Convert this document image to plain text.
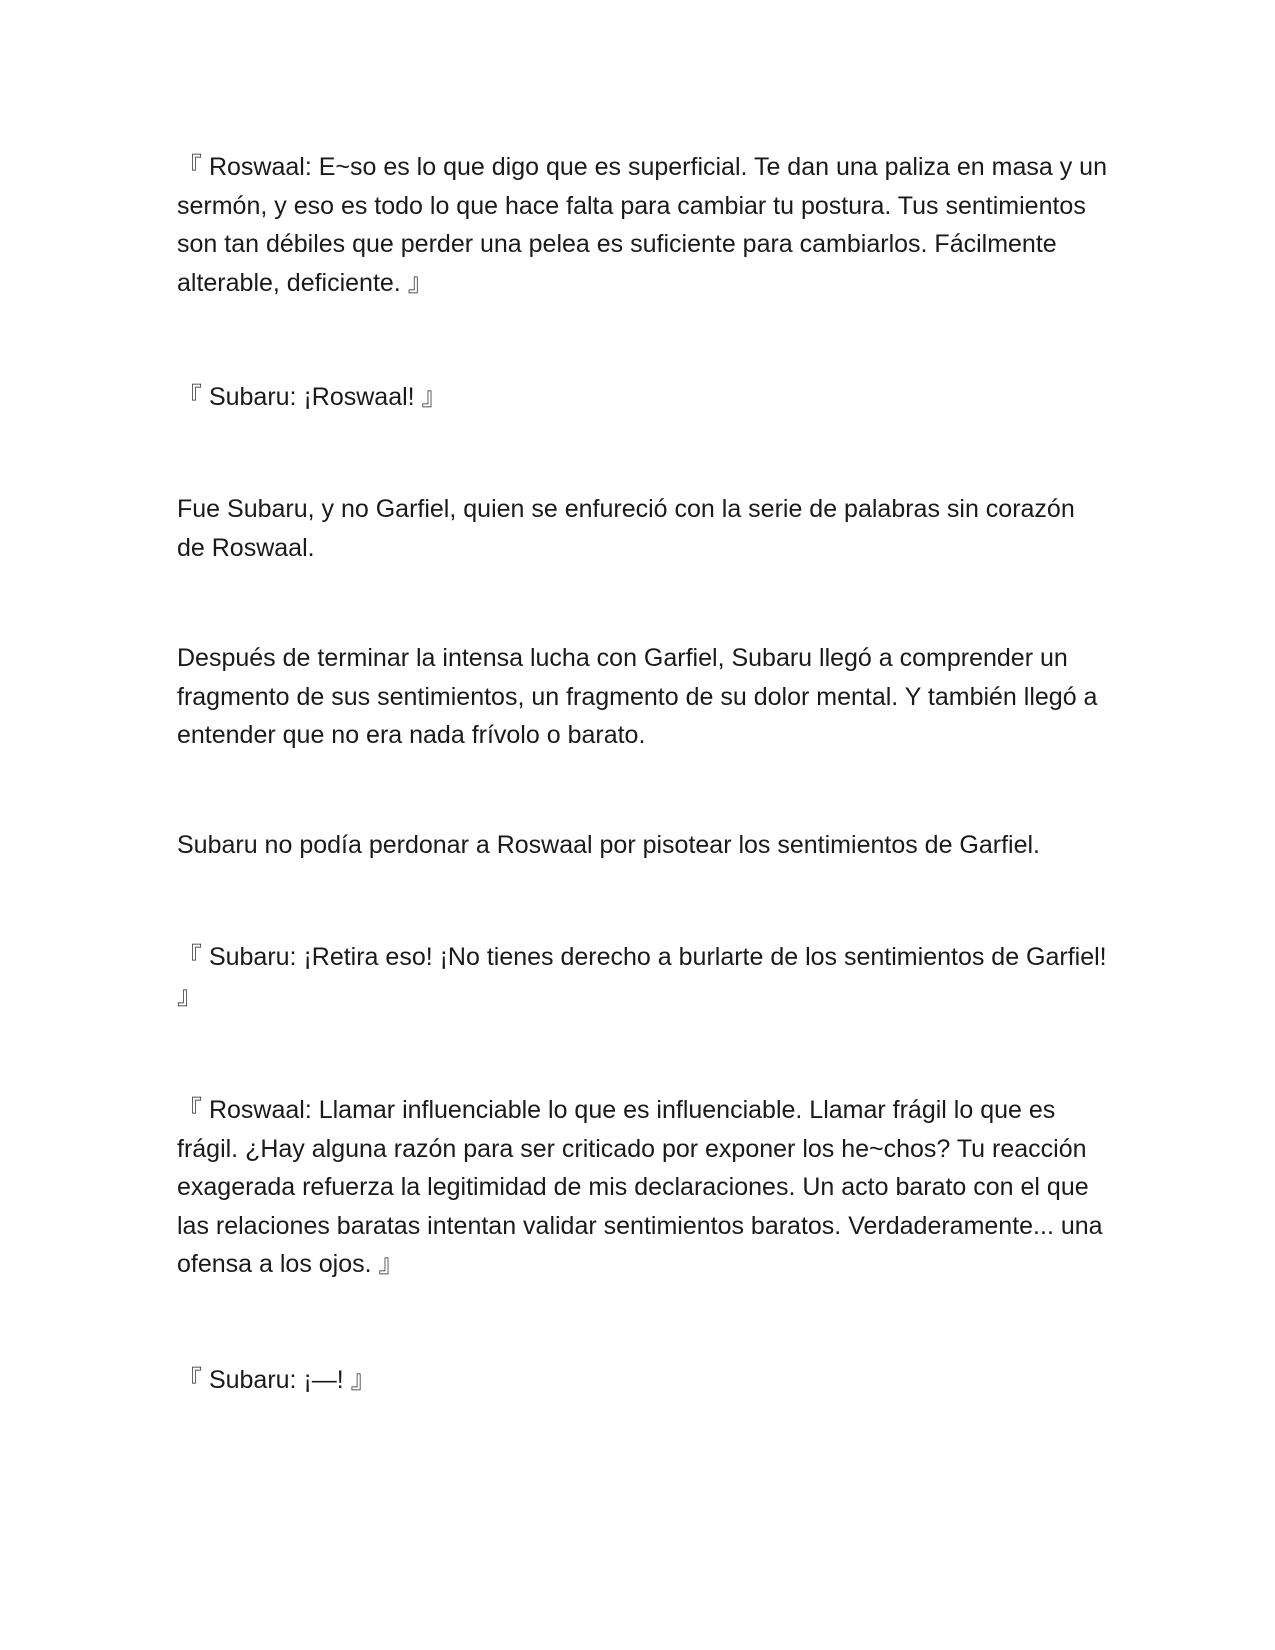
『 Roswaal: E~so es lo que digo que es superficial. Te dan una paliza en masa y un sermón, y eso es todo lo que hace falta para cambiar tu postura. Tus sentimientos son tan débiles que perder una pelea es suficiente para cambiarlos. Fácilmente alterable, deficiente. 』

『 Subaru: ¡Roswaal! 』

Fue Subaru, y no Garfiel, quien se enfureció con la serie de palabras sin corazón de Roswaal.

Después de terminar la intensa lucha con Garfiel, Subaru llegó a comprender un fragmento de sus sentimientos, un fragmento de su dolor mental. Y también llegó a entender que no era nada frívolo o barato.

Subaru no podía perdonar a Roswaal por pisotear los sentimientos de Garfiel.

『 Subaru: ¡Retira eso! ¡No tienes derecho a burlarte de los sentimientos de Garfiel! 』

『 Roswaal: Llamar influenciable lo que es influenciable. Llamar frágil lo que es frágil. ¿Hay alguna razón para ser criticado por exponer los he~chos? Tu reacción exagerada refuerza la legitimidad de mis declaraciones. Un acto barato con el que las relaciones baratas intentan validar sentimientos baratos. Verdaderamente... una ofensa a los ojos. 』

『 Subaru: ¡—! 』
